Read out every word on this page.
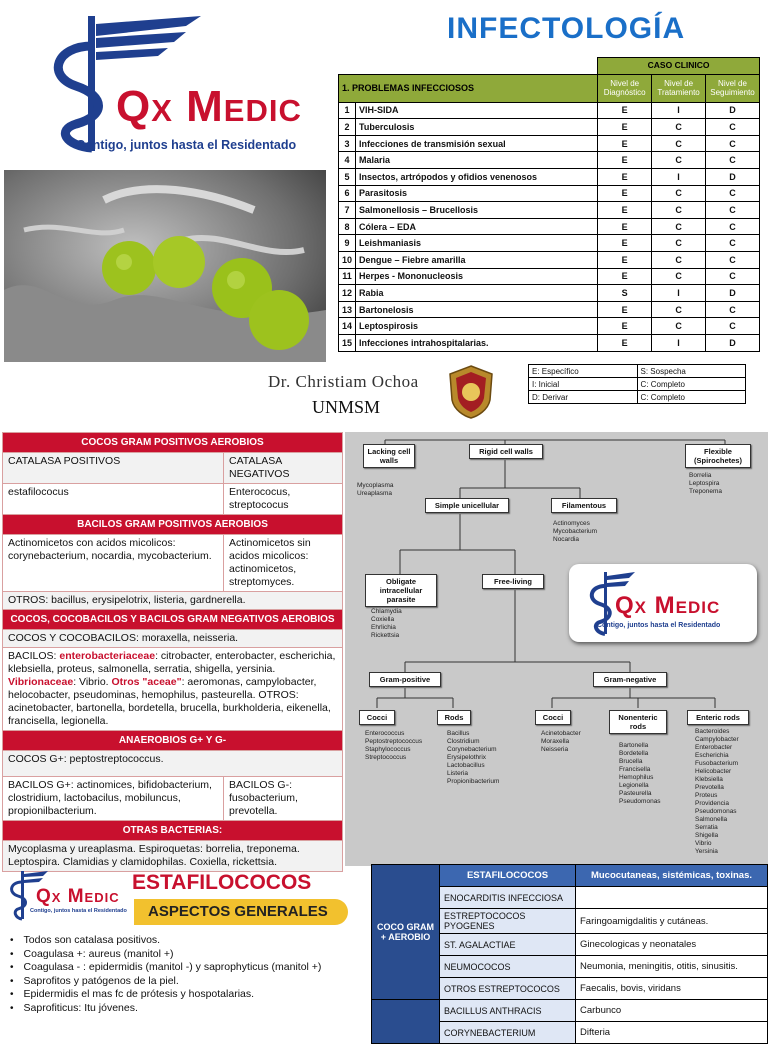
Qx Medic
Contigo, juntos hasta el Residentado
INFECTOLOGÍA
		CASO CLINICO		
1. PROBLEMAS INFECCIOSOS		Nivel de Diagnóstico	Nivel de Tratamiento	Nivel de Seguimiento
1	VIH-SIDA	E	I	D
2	Tuberculosis	E	C	C
3	Infecciones de transmisión sexual	E	C	C
4	Malaria	E	C	C
5	Insectos, artrópodos y ofidios venenosos	E	I	D
6	Parasitosis	E	C	C
7	Salmonellosis – Brucellosis	E	C	C
8	Cólera – EDA	E	C	C
9	Leishmaniasis	E	C	C
10	Dengue – Fiebre amarilla	E	C	C
11	Herpes - Mononucleosis	E	C	C
12	Rabia	S	I	D
13	Bartonelosis	E	C	C
14	Leptospirosis	E	C	C
15	Infecciones intrahospitalarias.	E	I	D
Dr. Christiam Ochoa
UNMSM
E: Específico	S: Sospecha
I: Inicial	C: Completo
D: Derivar	C: Completo
COCOS GRAM POSITIVOS AEROBIOS	
CATALASA POSITIVOS	CATALASA NEGATIVOS
estafilococus	Enterococus, streptococus
BACILOS GRAM POSITIVOS AEROBIOS	
Actinomicetos con acidos micolicos: corynebacterium, nocardia, mycobacterium.	Actinomicetos sin acidos micolicos: actinomicetos, streptomyces.
OTROS: bacillus, erysipelotrix, listeria, gardnerella.	
COCOS, COCOBACILOS Y BACILOS GRAM NEGATIVOS AEROBIOS	
COCOS Y COCOBACILOS: moraxella, neisseria.	
BACILOS: enterobacteriaceae: citrobacter, enterobacter, escherichia, klebsiella, proteus, salmonella, serratia, shigella, yersinia. Vibrionaceae: Vibrio. Otros "aceae": aeromonas, campylobacter, helocobacter, pseudominas, hemophilus, pasteurella. OTROS: acinetobacter, bartonella, bordetella, brucella, burkholderia, eikenella, francisella, legionella.	
ANAEROBIOS G+ Y G-	
COCOS G+: peptostreptococcus.	
BACILOS G+: actinomices, bifidobacterium, clostridium, lactobacilus, mobiluncus, propionilbacterium.	BACILOS G-: fusobacterium, prevotella.
OTRAS BACTERIAS:	
Mycoplasma y ureaplasma. Espiroquetas: borrelia, treponema. Leptospira. Clamidias y clamidophilas. Coxiella, rickettsia.	
Lacking cell walls
Mycoplasma
Ureaplasma
Rigid cell walls	Flexible (Spirochetes)
Borrelia
Leptospira
Treponema
Simple unicellular	Filamentous
Actinomyces
Mycobacterium
Nocardia
Qx Medic
Contigo, juntos hasta el Residentado
Obligate intracellular parasite
Chlamydia
Coxiella
Ehrlichia
Rickettsia
Free-living
Gram-positive	Gram-negative
Cocci
Enterococcus
Peptostreptococcus
Staphylococcus
Streptococcus
Rods
Bacillus
Clostridium
Corynebacterium
Erysipelothrix
Lactobacillus
Listeria
Propionibacterium
Cocci
Acinetobacter
Moraxella
Neisseria
Nonenteric rods
Bartonella
Bordetella
Brucella
Francisella
Hemophilus
Legionella
Pasteurella
Pseudomonas
Enteric rods
Bacteroides
Campylobacter
Enterobacter
Escherichia
Fusobacterium
Helicobacter
Klebsiella
Prevotella
Proteus
Providencia
Pseudomonas
Salmonella
Serratia
Shigella
Vibrio
Yersinia
Qx Medic
Contigo, juntos hasta el Residentado
ESTAFILOCOCOS
ASPECTOS GENERALES
• Todos son catalasa positivos.
• Coagulasa +: aureus (manitol +)
• Coagulasa - : epidermidis (manitol -) y saprophyticus (manitol +)
• Saprofitos y patógenos de la piel.
• Epidermidis el mas fc de prótesis y hospotalarias.
• Saprofiticus: Itu jóvenes.
COCO GRAM + AEROBIO	ESTAFILOCOCOS	Mucocutaneas, sistémicas, toxinas.
	ENOCARDITIS INFECCIOSA	
	ESTREPTOCOCOS PYOGENES	Faringoamigdalitis y cutáneas.
	ST. AGALACTIAE	Ginecologicas y neonatales
	NEUMOCOCOS	Neumonia, meningitis, otitis, sinusitis.
	OTROS ESTREPTOCOCOS	Faecalis, bovis, viridans
	BACILLUS ANTHRACIS	Carbunco
	CORYNEBACTERIUM	Difteria
